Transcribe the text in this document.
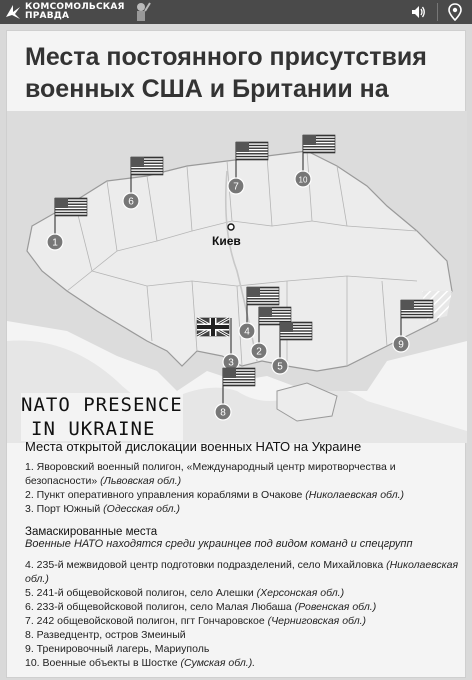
КОМСОМОЛЬСКАЯ
ПРАВДА
Места постоянного присутствия военных США и Британии на
Киев
1
2
3
4
5
6
7
8
9
10
NATO PRESENCE
IN UKRAINE
Места открытой дислокации военных НАТО на Украине
1. Яворовский военный полигон, «Международный центр миротворчества и безопасности» (Львовская обл.)
2. Пункт оперативного управления кораблями в Очакове (Николаевская обл.)
3. Порт Южный (Одесская обл.)
Замаскированные места
Военные НАТО находятся среди украинцев под видом команд и спецгрупп
4. 235-й межвидовой центр подготовки подразделений, село Михайловка (Николаевская обл.)
5. 241-й общевойсковой полигон, село Алешки (Херсонская обл.)
6. 233-й общевойсковой полигон, село Малая Любаша (Ровенская обл.)
7. 242 общевойсковой полигон, пгт Гончаровское (Черниговская обл.)
8. Разведцентр, остров Змеиный
9. Тренировочный лагерь, Мариуполь
10. Военные объекты в Шостке (Сумская обл.).
